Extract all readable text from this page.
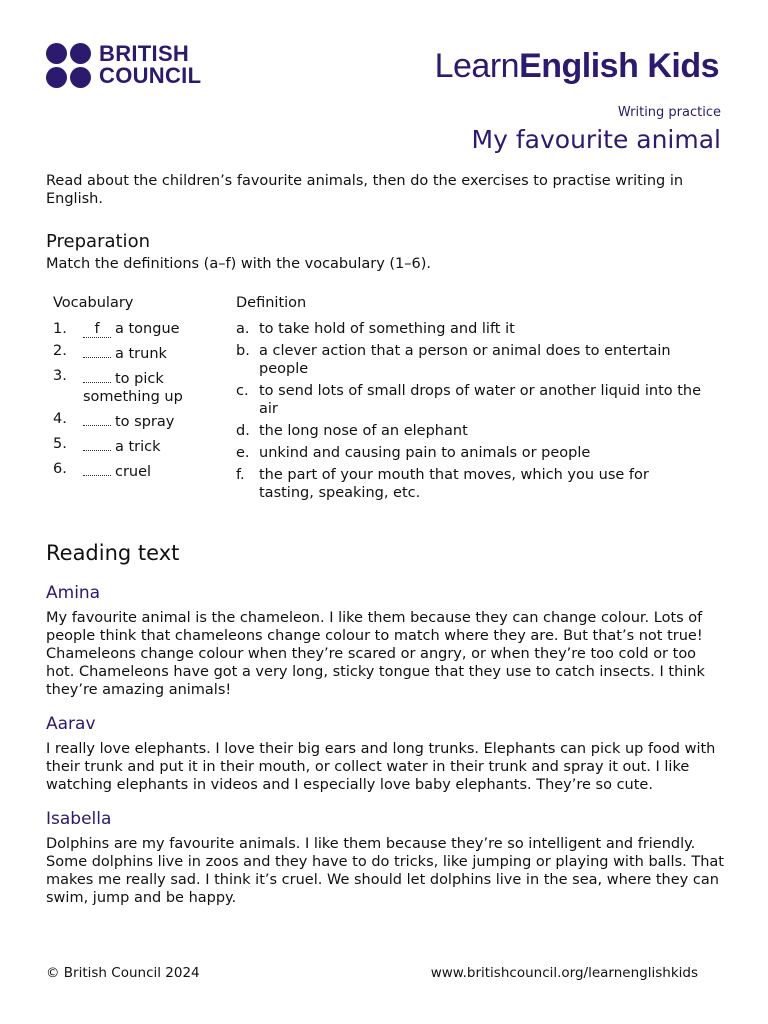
BRITISH
COUNCIL	LearnEnglish Kids
Writing practice
My favourite animal
Read about the children’s favourite animals, then do the exercises to practise writing in English.
Preparation
Match the definitions (a–f) with the vocabulary (1–6).
Vocabulary	Definition
1. f a tongue
2.	a trunk
3.	to pick something up
4.	to spray
5.	a trick
6.	cruel
a. to take hold of something and lift it
b. a clever action that a person or animal does to entertain people
c. to send lots of small drops of water or another liquid into the air
d. the long nose of an elephant
e. unkind and causing pain to animals or people
f. the part of your mouth that moves, which you use for tasting, speaking, etc.
Reading text
Amina
My favourite animal is the chameleon. I like them because they can change colour. Lots of people think that chameleons change colour to match where they are. But that’s not true! Chameleons change colour when they’re scared or angry, or when they’re too cold or too hot. Chameleons have got a very long, sticky tongue that they use to catch insects. I think they’re amazing animals!
Aarav
I really love elephants. I love their big ears and long trunks. Elephants can pick up food with their trunk and put it in their mouth, or collect water in their trunk and spray it out. I like watching elephants in videos and I especially love baby elephants. They’re so cute.
Isabella
Dolphins are my favourite animals. I like them because they’re so intelligent and friendly. Some dolphins live in zoos and they have to do tricks, like jumping or playing with balls. That makes me really sad. I think it’s cruel. We should let dolphins live in the sea, where they can swim, jump and be happy.
© British Council 2024	www.britishcouncil.org/learnenglishkids
